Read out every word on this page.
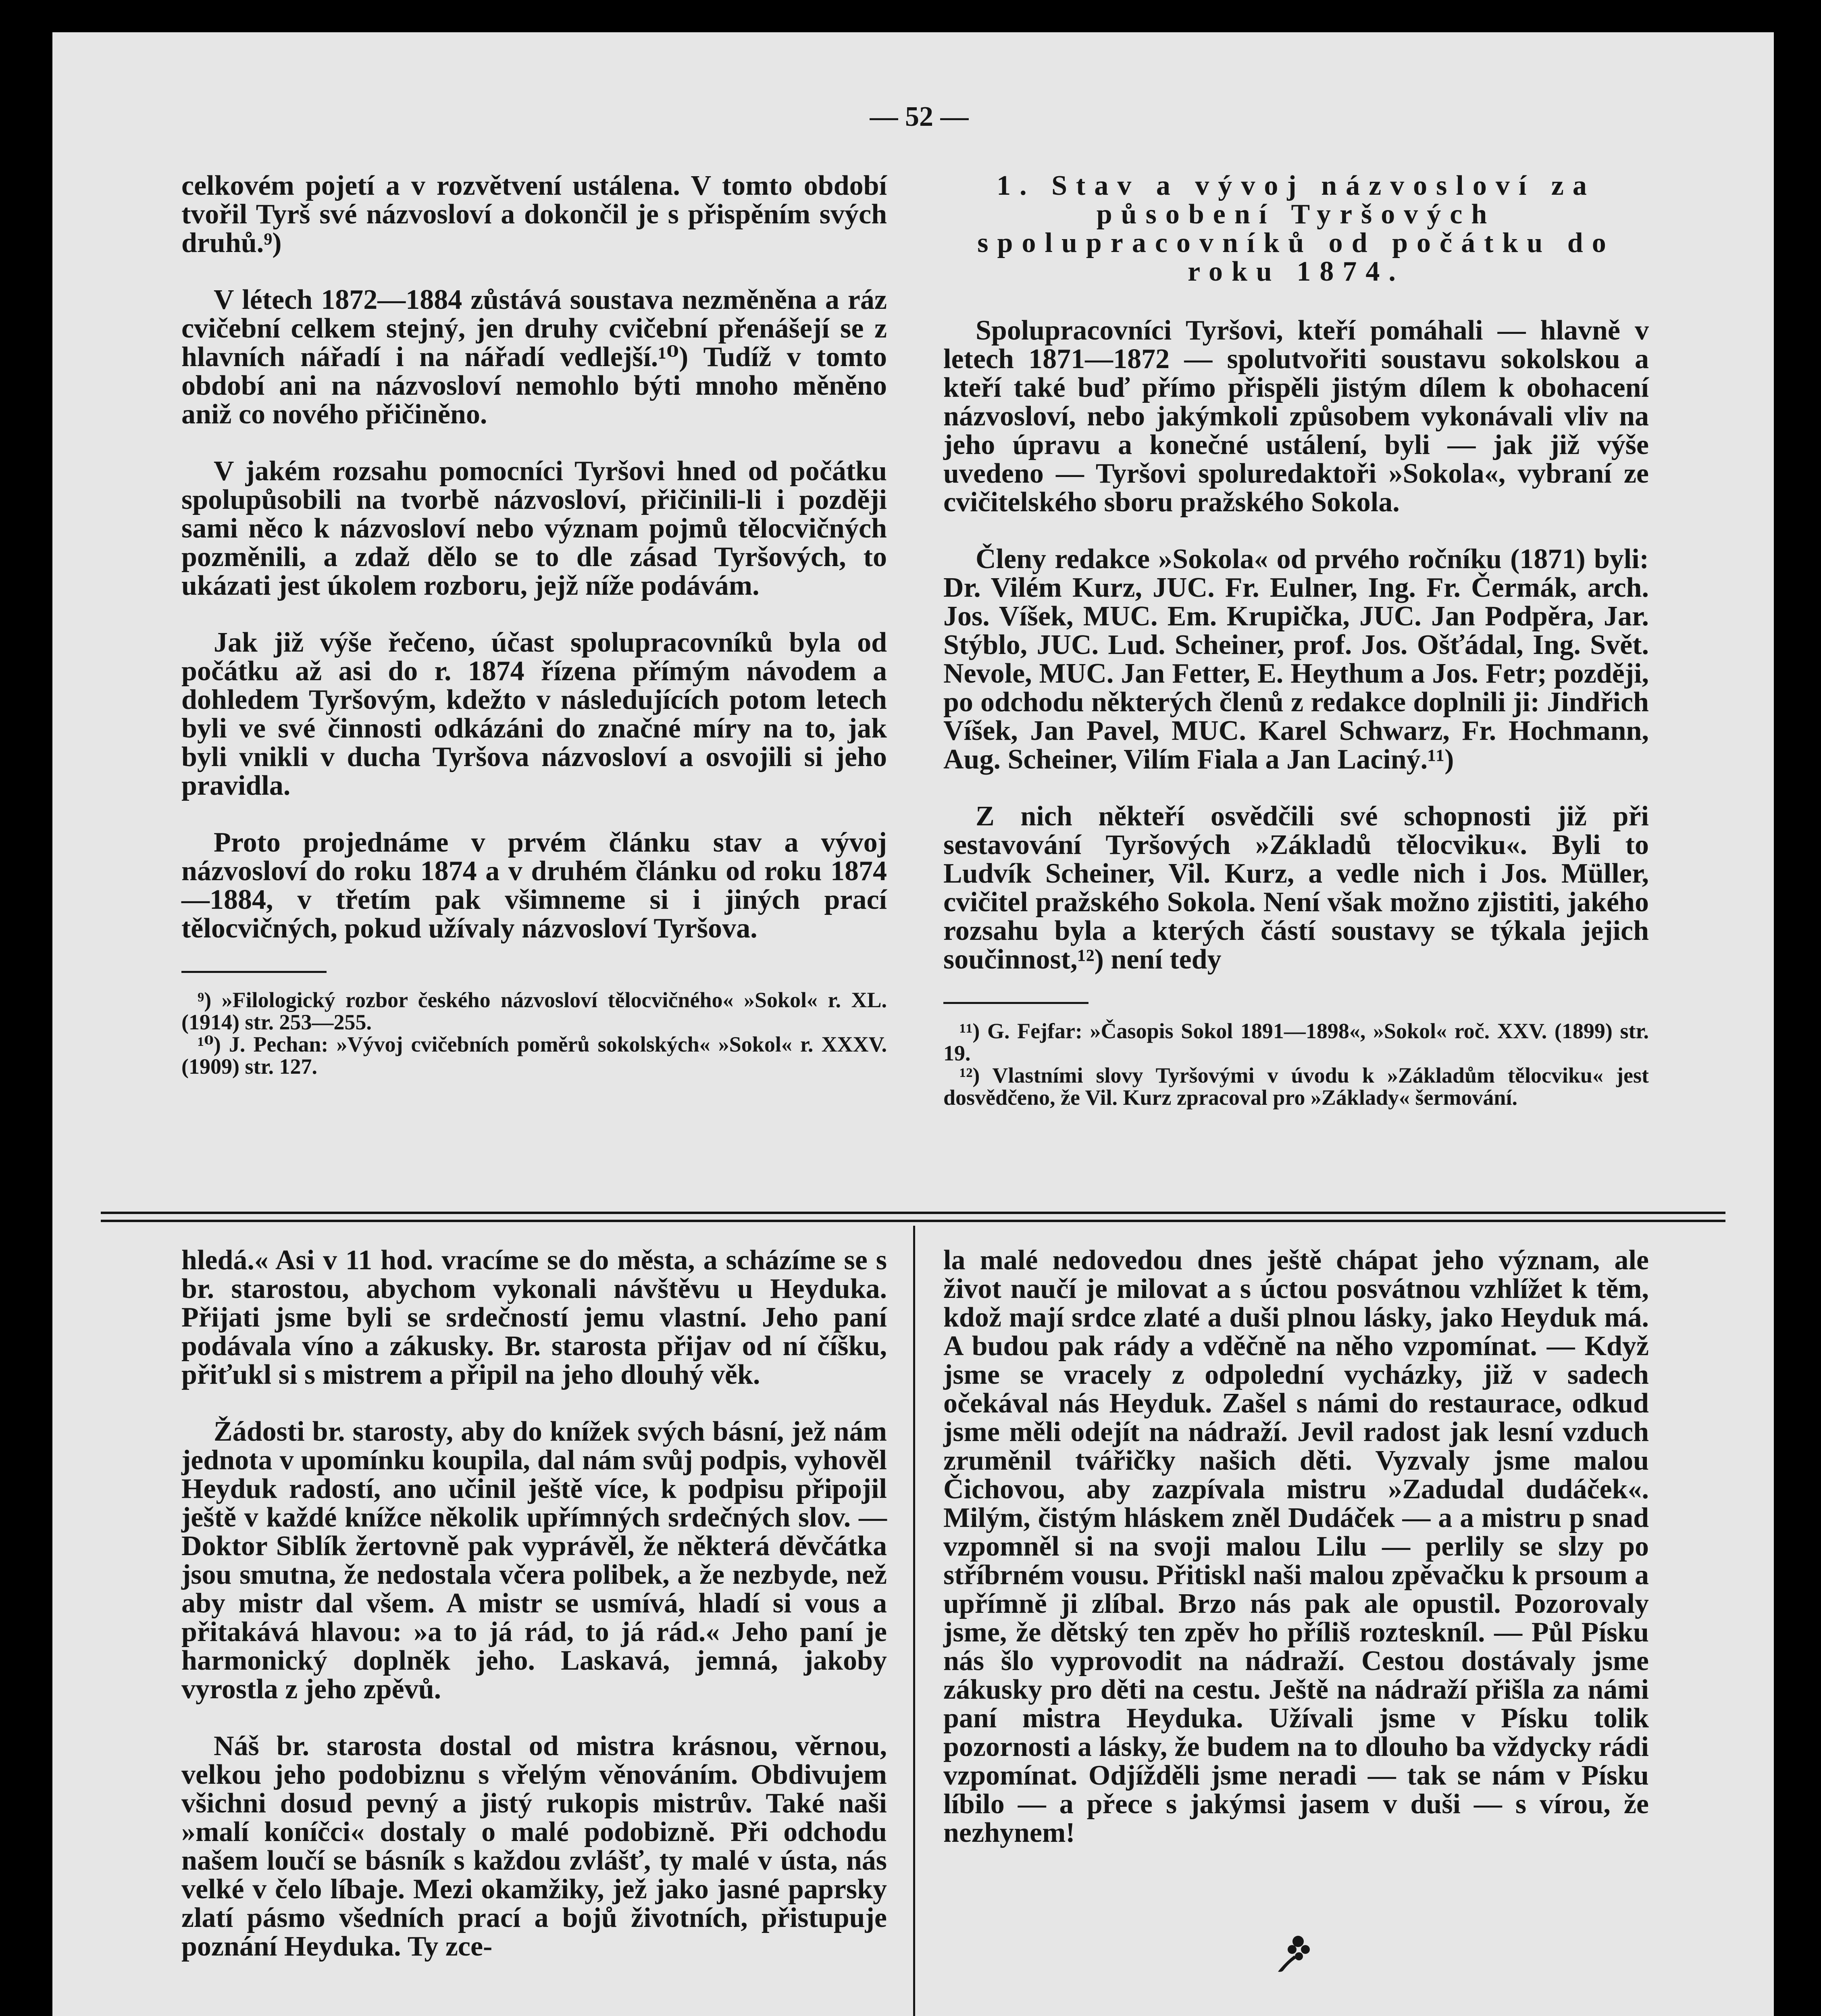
— 52 —

celkovém pojetí a v rozvětvení ustálena. V tomto období tvořil Tyrš své názvosloví a dokončil je s přispěním svých druhů.⁹)

V létech 1872—1884 zůstává soustava nezměněna a ráz cvičební celkem stejný, jen druhy cvičební přenášejí se z hlavních nářadí i na nářadí vedlejší.¹⁰) Tudíž v tomto období ani na názvosloví nemohlo býti mnoho měněno aniž co nového přičiněno.

V jakém rozsahu pomocníci Tyršovi hned od počátku spolupůsobili na tvorbě názvosloví, přičinili-li i později sami něco k názvosloví nebo význam pojmů tělocvičných pozměnili, a zdaž dělo se to dle zásad Tyršových, to ukázati jest úkolem rozboru, jejž níže podávám.

Jak již výše řečeno, účast spolupracovníků byla od počátku až asi do r. 1874 řízena přímým návodem a dohledem Tyršovým, kdežto v následujících potom letech byli ve své činnosti odkázáni do značné míry na to, jak byli vnikli v ducha Tyršova názvosloví a osvojili si jeho pravidla.

Proto projednáme v prvém článku stav a vývoj názvosloví do roku 1874 a v druhém článku od roku 1874—1884, v třetím pak všimneme si i jiných prací tělocvičných, pokud užívaly názvosloví Tyršova.

⁹) »Filologický rozbor českého názvosloví tělocvičného« »Sokol« r. XL. (1914) str. 253—255.

¹⁰) J. Pechan: »Vývoj cvičebních poměrů sokolských« »Sokol« r. XXXV. (1909) str. 127.

1. Stav a vývoj názvosloví za působení Tyršových spolupracovníků od počátku do roku 1874.

Spolupracovníci Tyršovi, kteří pomáhali — hlavně v letech 1871—1872 — spolutvořiti soustavu sokolskou a kteří také buď přímo přispěli jistým dílem k obohacení názvosloví, nebo jakýmkoli způsobem vykonávali vliv na jeho úpravu a konečné ustálení, byli — jak již výše uvedeno — Tyršovi spoluredaktoři »Sokola«, vybraní ze cvičitelského sboru pražského Sokola.

Členy redakce »Sokola« od prvého ročníku (1871) byli: Dr. Vilém Kurz, JUC. Fr. Eulner, Ing. Fr. Čermák, arch. Jos. Víšek, MUC. Em. Krupička, JUC. Jan Podpěra, Jar. Stýblo, JUC. Lud. Scheiner, prof. Jos. Ošťádal, Ing. Svět. Nevole, MUC. Jan Fetter, E. Heythum a Jos. Fetr; později, po odchodu některých členů z redakce doplnili ji: Jindřich Víšek, Jan Pavel, MUC. Karel Schwarz, Fr. Hochmann, Aug. Scheiner, Vilím Fiala a Jan Laciný.¹¹)

Z nich někteří osvědčili své schopnosti již při sestavování Tyršových »Základů tělocviku«. Byli to Ludvík Scheiner, Vil. Kurz, a vedle nich i Jos. Müller, cvičitel pražského Sokola. Není však možno zjistiti, jakého rozsahu byla a kterých částí soustavy se týkala jejich součinnost,¹²) není tedy

¹¹) G. Fejfar: »Časopis Sokol 1891—1898«, »Sokol« roč. XXV. (1899) str. 19.

¹²) Vlastními slovy Tyršovými v úvodu k »Základům tělocviku« jest dosvědčeno, že Vil. Kurz zpracoval pro »Základy« šermování.

hledá.« Asi v 11 hod. vracíme se do města, a scházíme se s br. starostou, abychom vykonali návštěvu u Heyduka. Přijati jsme byli se srdečností jemu vlastní. Jeho paní podávala víno a zákusky. Br. starosta přijav od ní číšku, přiťukl si s mistrem a připil na jeho dlouhý věk.

Žádosti br. starosty, aby do knížek svých básní, jež nám jednota v upomínku koupila, dal nám svůj podpis, vyhověl Heyduk radostí, ano učinil ještě více, k podpisu připojil ještě v každé knížce několik upřímných srdečných slov. — Doktor Siblík žertovně pak vyprávěl, že některá děvčátka jsou smutna, že nedostala včera polibek, a že nezbyde, než aby mistr dal všem. A mistr se usmívá, hladí si vous a přitakává hlavou: »a to já rád, to já rád.« Jeho paní je harmonický doplněk jeho. Laskavá, jemná, jakoby vyrostla z jeho zpěvů.

Náš br. starosta dostal od mistra krásnou, věrnou, velkou jeho podobiznu s vřelým věnováním. Obdivujem všichni dosud pevný a jistý rukopis mistrův. Také naši »malí koníčci« dostaly o malé podobizně. Při odchodu našem loučí se básník s každou zvlášť, ty malé v ústa, nás velké v čelo líbaje. Mezi okamžiky, jež jako jasné paprsky zlatí pásmo všedních prací a bojů životních, přistupuje poznání Heyduka. Ty zce-

la malé nedovedou dnes ještě chápat jeho význam, ale život naučí je milovat a s úctou posvátnou vzhlížet k těm, kdož mají srdce zlaté a duši plnou lásky, jako Heyduk má. A budou pak rády a vděčně na něho vzpomínat. — Když jsme se vracely z odpolední vycházky, již v sadech očekával nás Heyduk. Zašel s námi do restaurace, odkud jsme měli odejít na nádraží. Jevil radost jak lesní vzduch zruměnil tvářičky našich děti. Vyzvaly jsme malou Čichovou, aby zazpívala mistru »Zadudal dudáček«. Milým, čistým hláskem zněl Dudáček — a a mistru p snad vzpomněl si na svoji malou Lilu — perlily se slzy po stříbrném vousu. Přitiskl naši malou zpěvačku k prsoum a upřímně ji zlíbal. Brzo nás pak ale opustil. Pozorovaly jsme, že dětský ten zpěv ho příliš rozteskníl. — Půl Písku nás šlo vyprovodit na nádraží. Cestou dostávaly jsme zákusky pro děti na cestu. Ještě na nádraží přišla za námi paní mistra Heyduka. Užívali jsme v Písku tolik pozornosti a lásky, že budem na to dlouho ba vždycky rádi vzpomínat. Odjížděli jsme neradi — tak se nám v Písku líbilo — a přece s jakýmsi jasem v duši — s vírou, že nezhynem!
